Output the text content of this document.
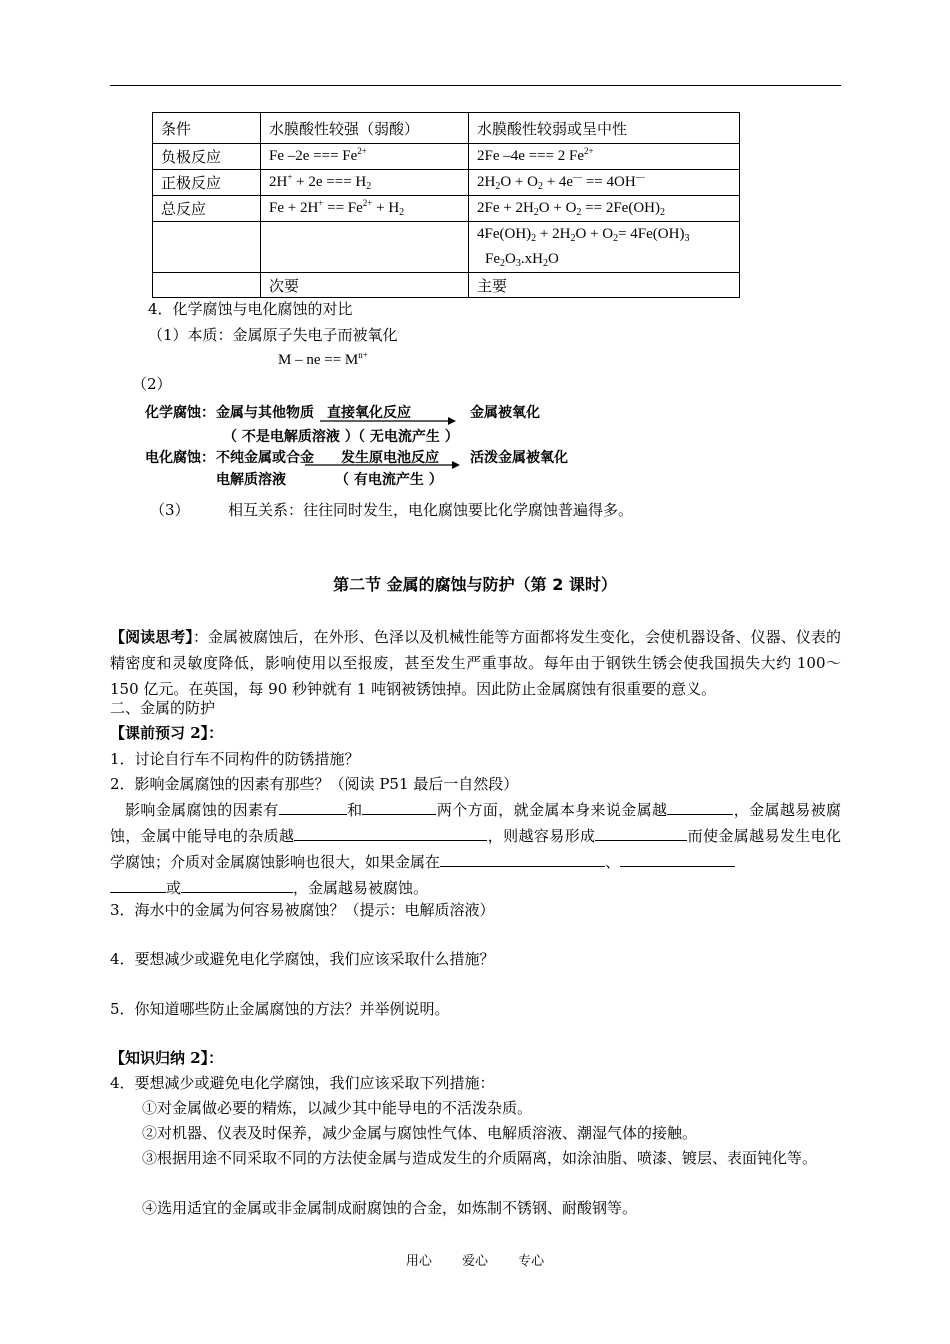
条件	水膜酸性较强（弱酸）	水膜酸性较弱或呈中性
负极反应	Fe –2e === $Fe^{2+}$	2Fe –4e === 2 $Fe^{2+}$
正极反应	2H+ + 2e === $H_2$	$2H_2O + O_2 + 4e^— == 4OH^—$
总反应	$Fe + 2H^+ == Fe^{2+} + H_2$	$2Fe + 2H_2O + O_2 == 2Fe(OH)_2$

		$4Fe(OH)_2 + 2H_2O + O_2= 4Fe(OH)_3$
$Fe_2O_3.xH_2O$

	次要	主要
4．化学腐蚀与电化腐蚀的对比
（1）本质：金属原子失电子而被氧化
M – ne == $M^{n+}$
（2）
化学腐蚀： 金属与其他物质 直接氧化反应	金属被氧化
（ 不是电解质溶液 ）
（ 无电流产生 ）
电化腐蚀： 不纯金属或合金 发生原电池反应 活泼金属被氧化
电解质溶液	（ 有电流产生 ）
（3）	相互关系：往往同时发生，电化腐蚀要比化学腐蚀普遍得多。
第二节 金属的腐蚀与防护（第 2 课时）
【阅读思考】：金属被腐蚀后，在外形、色泽以及机械性能等方面都将发生变化，会使机器设备、仪器、仪表的精密度和灵敏度降低，影响使用以至报废，甚至发生严重事故。每年由于钢铁生锈会使我国损失大约 100～150 亿元。在英国，每 90 秒钟就有 1 吨钢被锈蚀掉。因此防止金属腐蚀有很重要的意义。
二、金属的防护
【课前预习 2】：
1．讨论自行车不同构件的防锈措施？
2．影响金属腐蚀的因素有那些？（阅读 P51 最后一自然段）
影响金属腐蚀的因素有	和	两个方面，就金属本身来说金属越	，金属越易被腐蚀，金属中能导电的杂质越	，则越容易形成	而使金属越易发生电化学腐蚀；介质对金属腐蚀影响也很大，如果金属在	、
或	，金属越易被腐蚀。
3．海水中的金属为何容易被腐蚀？（提示：电解质溶液）
4．要想减少或避免电化学腐蚀，我们应该采取什么措施？
5．你知道哪些防止金属腐蚀的方法？并举例说明。
【知识归纳 2】：
4．要想减少或避免电化学腐蚀，我们应该采取下列措施：
①对金属做必要的精炼，以减少其中能导电的不活泼杂质。
②对机器、仪表及时保养，减少金属与腐蚀性气体、电解质溶液、潮湿气体的接触。
③根据用途不同采取不同的方法使金属与造成发生的介质隔离，如涂油脂、喷漆、镀层、表面钝化等。
④选用适宜的金属或非金属制成耐腐蚀的合金，如炼制不锈钢、耐酸钢等。
用心 爱心 专心
